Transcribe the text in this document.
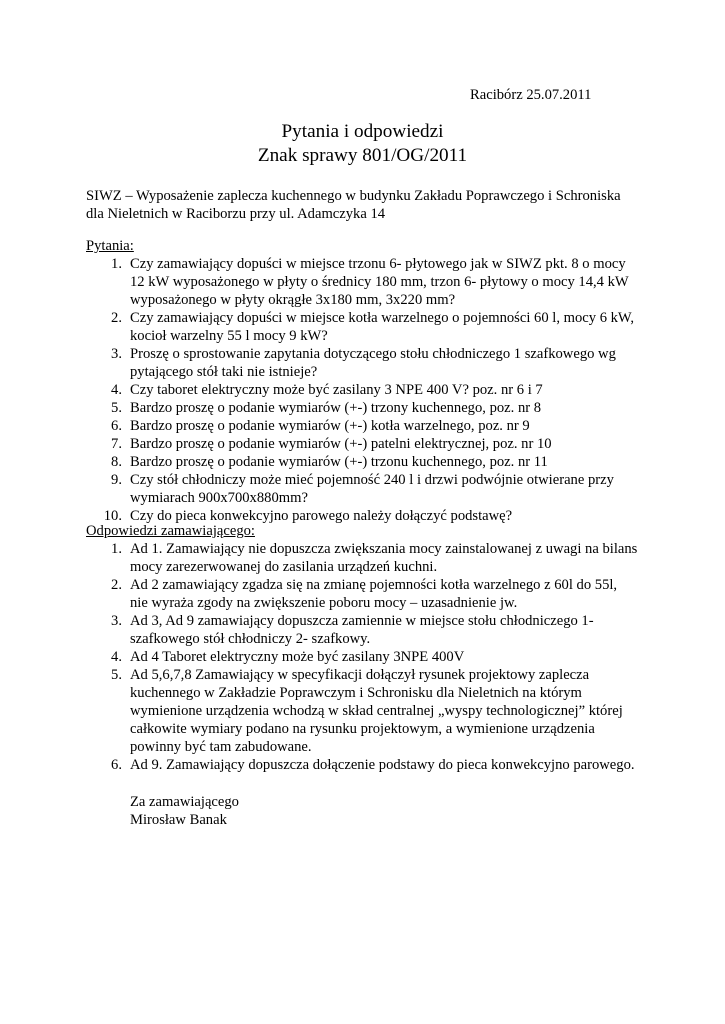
Racibórz 25.07.2011
Pytania i odpowiedzi
Znak sprawy 801/OG/2011
SIWZ – Wyposażenie zaplecza kuchennego w budynku Zakładu Poprawczego i Schroniska
dla Nieletnich w Raciborzu przy ul. Adamczyka 14
Pytania:
1. Czy zamawiający dopuści w miejsce trzonu 6- płytowego jak w SIWZ pkt. 8 o mocy
12 kW wyposażonego w płyty o średnicy 180 mm, trzon 6- płytowy o mocy 14,4 kW
wyposażonego w płyty okrągłe 3x180 mm, 3x220 mm?
2. Czy zamawiający dopuści w miejsce kotła warzelnego o pojemności 60 l, mocy 6 kW,
kocioł warzelny 55 l mocy 9 kW?
3. Proszę o sprostowanie zapytania dotyczącego stołu chłodniczego 1 szafkowego wg
pytającego stół taki nie istnieje?
4. Czy taboret elektryczny może być zasilany 3 NPE 400 V? poz. nr 6 i 7
5. Bardzo proszę o podanie wymiarów (+-) trzony kuchennego, poz. nr 8
6. Bardzo proszę o podanie wymiarów (+-) kotła warzelnego, poz. nr 9
7. Bardzo proszę o podanie wymiarów (+-) patelni elektrycznej, poz. nr 10
8. Bardzo proszę o podanie wymiarów (+-) trzonu kuchennego, poz. nr 11
9. Czy stół chłodniczy może mieć pojemność 240 l i drzwi podwójnie otwierane przy
wymiarach 900x700x880mm?
10. Czy do pieca konwekcyjno parowego należy dołączyć podstawę?
Odpowiedzi zamawiającego:
1. Ad 1. Zamawiający nie dopuszcza zwiększania mocy zainstalowanej z uwagi na bilans
mocy zarezerwowanej do zasilania urządzeń kuchni.
2. Ad 2 zamawiający zgadza się na zmianę pojemności kotła warzelnego z 60l do 55l,
nie wyraża zgody na zwiększenie poboru mocy – uzasadnienie jw.
3. Ad 3, Ad 9 zamawiający dopuszcza zamiennie w miejsce stołu chłodniczego 1-
szafkowego stół chłodniczy 2- szafkowy.
4. Ad 4 Taboret elektryczny może być zasilany 3NPE 400V
5. Ad 5,6,7,8 Zamawiający w specyfikacji dołączył rysunek projektowy zaplecza
kuchennego w Zakładzie Poprawczym i Schronisku dla Nieletnich na którym
wymienione urządzenia wchodzą w skład centralnej „wyspy technologicznej” której
całkowite wymiary podano na rysunku projektowym, a wymienione urządzenia
powinny być tam zabudowane.
6. Ad 9. Zamawiający dopuszcza dołączenie podstawy do pieca konwekcyjno parowego.
Za zamawiającego
Mirosław Banak
